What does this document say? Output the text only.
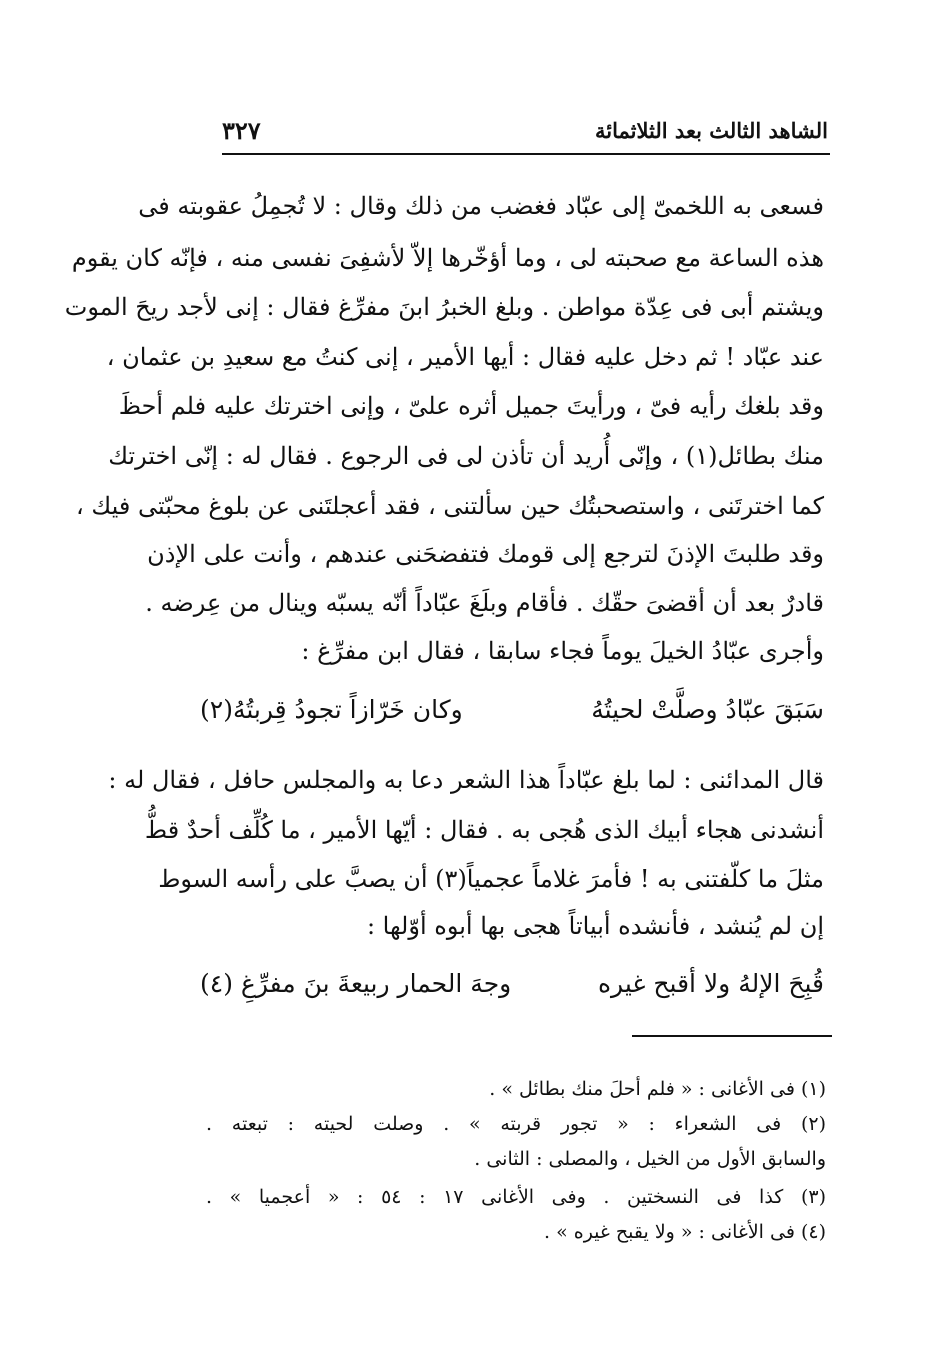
الشاهد الثالث بعد الثلاثمائة
٣٢٧
فسعى به اللخمىّ إلى عبّاد فغضب من ذلك وقال : لا تُجمِلُ عقوبته فى
هذه الساعة مع صحبته لى ، وما أؤخّرها إلاّ لأشفِىَ نفسى منه ، فإنّه كان يقوم
ويشتم أبى فى عِدّة مواطن . وبلغ الخبرُ ابنَ مفرِّغ فقال : إنى لأجد ريحَ الموت
عند عبّاد ! ثم دخل عليه فقال : أيها الأمير ، إنى كنتُ مع سعيدِ بن عثمان ،
وقد بلغك رأيه فىّ ، ورأيتَ جميل أثره علىّ ، وإنى اخترتك عليه فلم أحظَ
منك بطائل(١) ، وإنّى أُريد أن تأذن لى فى الرجوع . فقال له : إنّى اخترتك
كما اخترتَنى ، واستصحبتُك حين سألتنى ، فقد أعجلتَنى عن بلوغ محبّتى فيك ،
وقد طلبتَ الإذنَ لترجع إلى قومك فتفضحَنى عندهم ، وأنت على الإذن
قادرٌ بعد أن أقضىَ حقّك . فأقام وبلَغَ عبّاداً أنّه يسبّه وينال من عِرضه .
وأجرى عبّادُ الخيلَ يوماً فجاء سابقا ، فقال ابن مفرِّغ :
سَبَقَ عبّادُ وصلَّتْ لحيتُهُ
وكان خَرّازاً تجودُ قِربتُهُ(٢)
قال المدائنى : لما بلغ عبّاداً هذا الشعر دعا به والمجلس حافل ، فقال له :
أنشدنى هجاء أبيك الذى هُجى به . فقال : أيّها الأمير ، ما كُلِّف أحدٌ قطُّ
مثلَ ما كلّفتنى به ! فأمرَ غلاماً عجمياً(٣) أن يصبَّ على رأسه السوط
إن لم يُنشد ، فأنشده أبياتاً هجى بها أبوه أوّلها :
قُبِحَ الإلهُ ولا أقبح غيره
وجهَ الحمار ربيعةَ بنَ مفرِّغِ (٤)
(١) فى الأغانى : « فلم أحلَ منك بطائل » .
(٢) فى الشعراء : « تجور قربته » . وصلت لحيته : تبعته .
والسابق الأول من الخيل ، والمصلى : الثانى .
(٣) كذا فى النسختين . وفى الأغانى ١٧ : ٥٤ : « أعجميا » .
(٤) فى الأغانى : « ولا يقبح غيره » .
